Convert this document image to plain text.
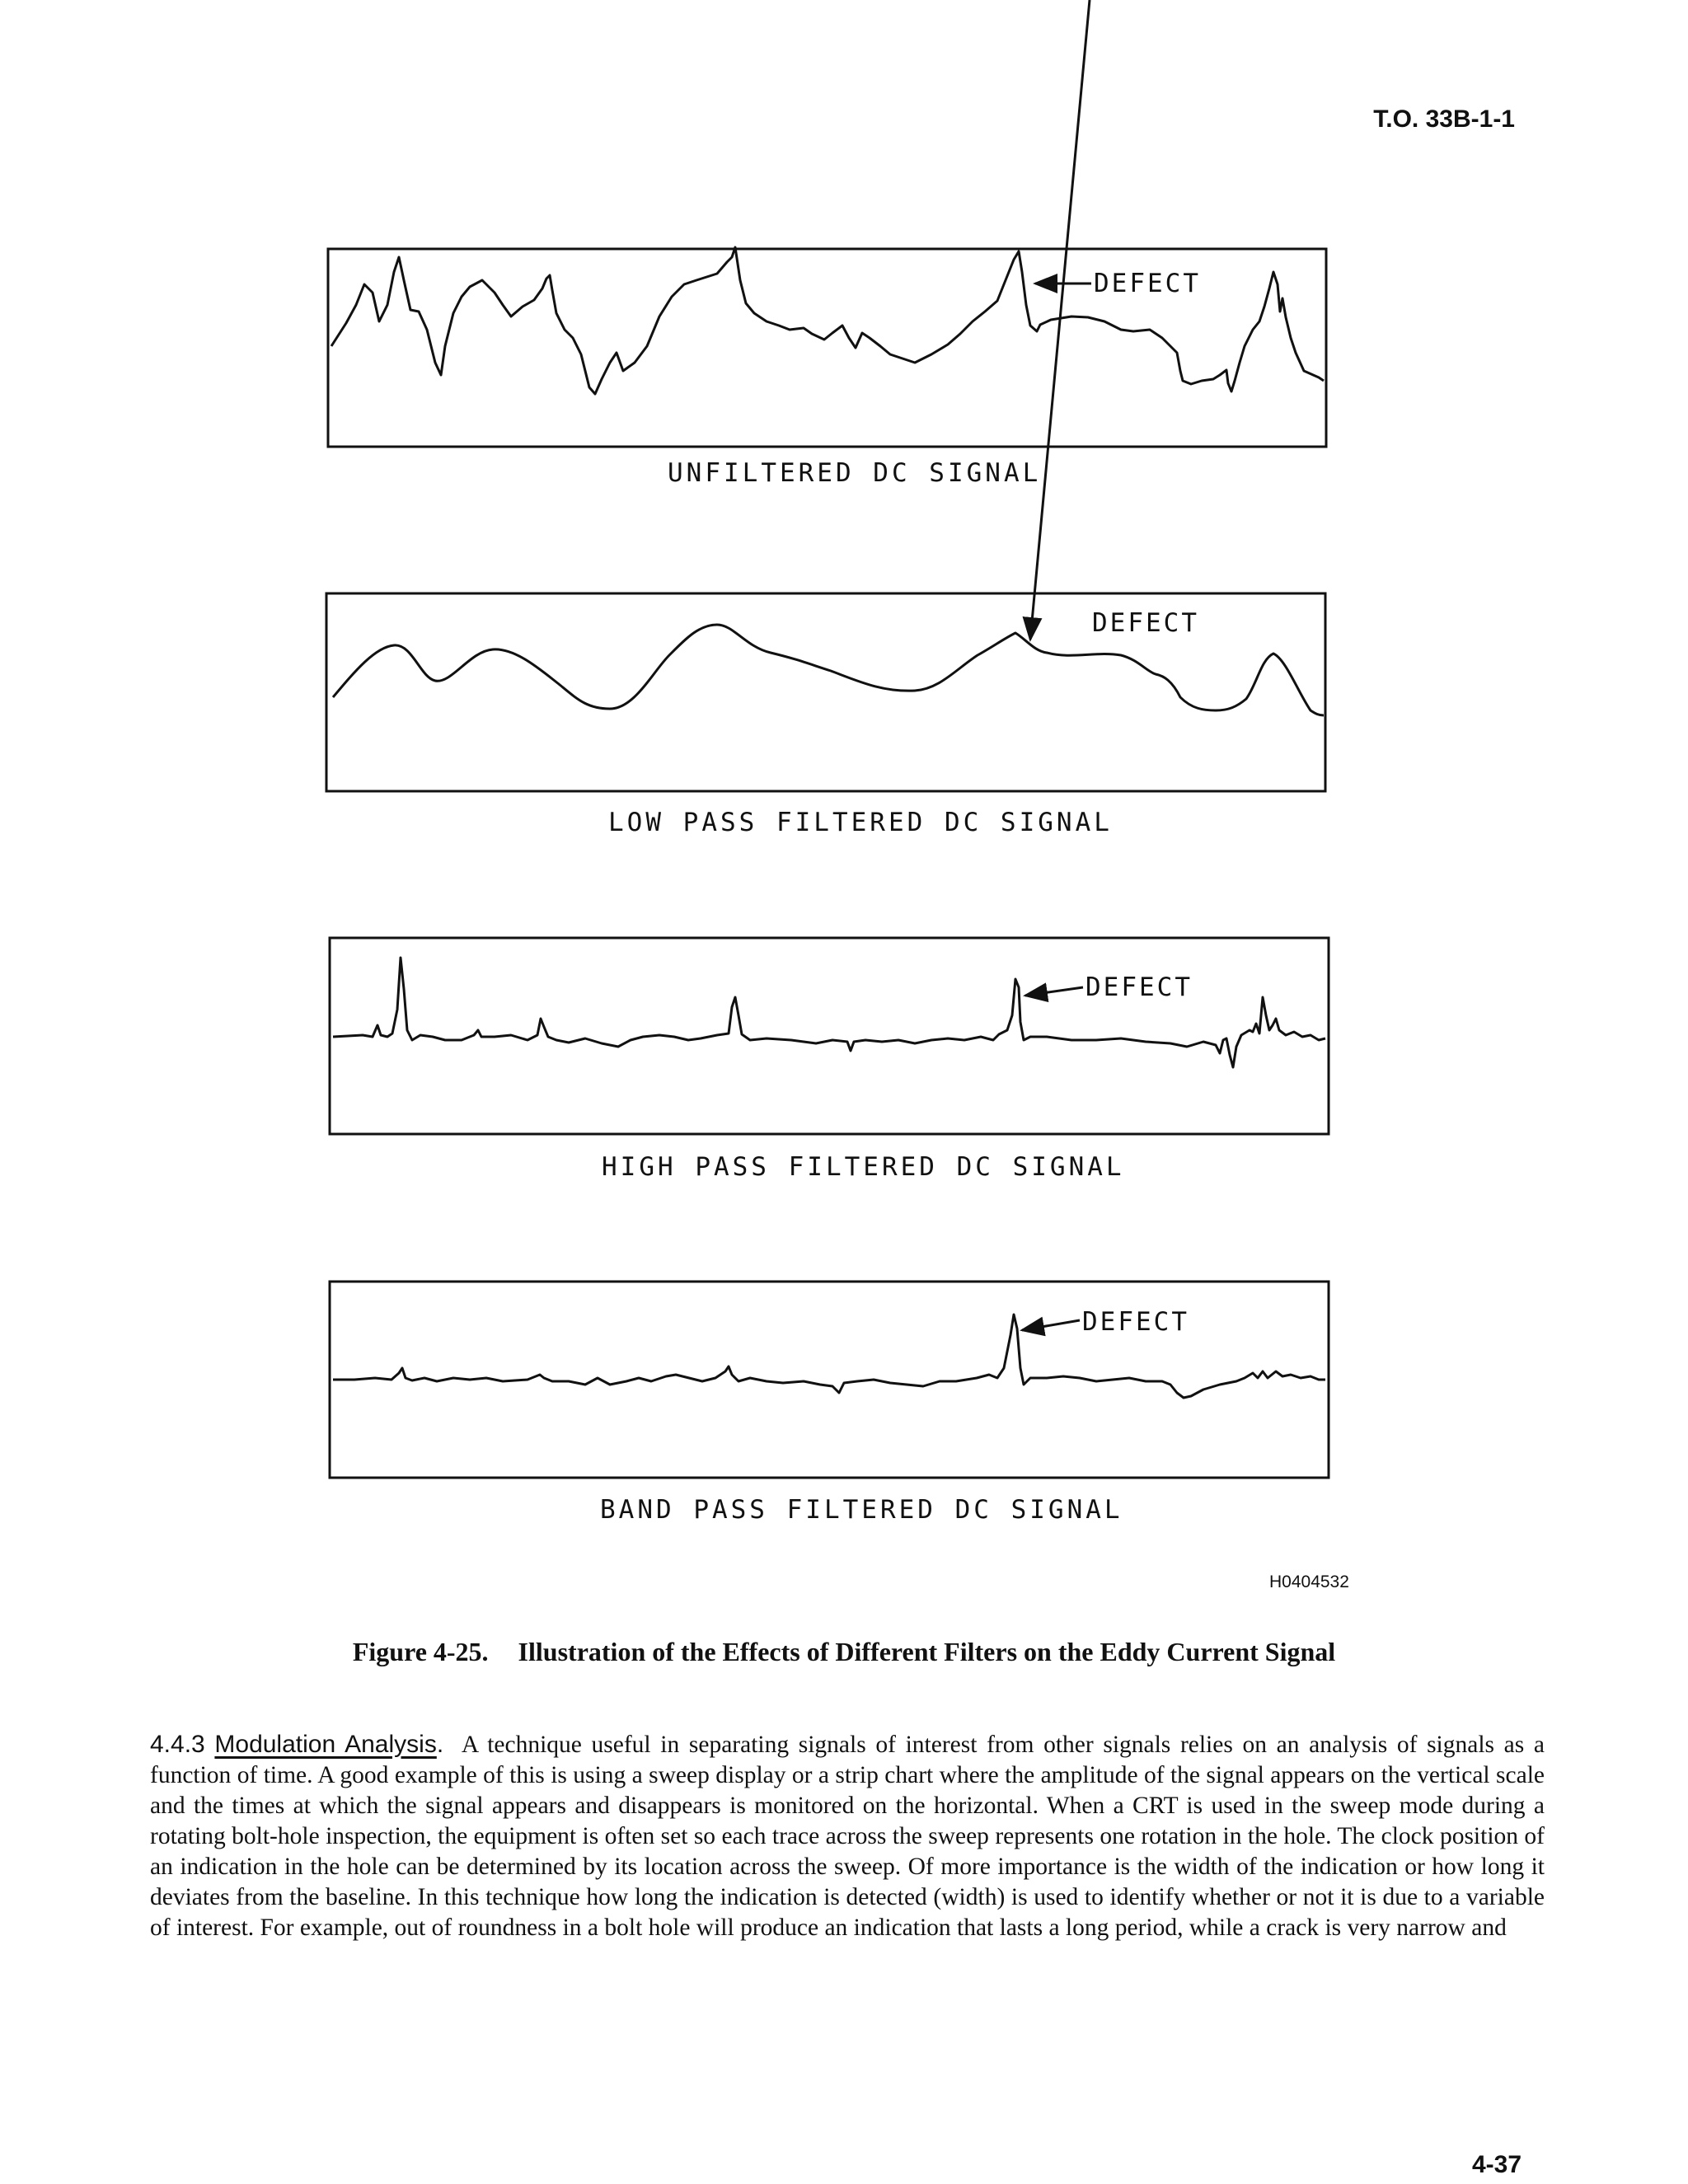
T.O. 33B-1-1
DEFECT
DEFECT
DEFECT
DEFECT
UNFILTERED DC SIGNAL
LOW PASS FILTERED DC SIGNAL
HIGH PASS FILTERED DC SIGNAL
BAND PASS FILTERED DC SIGNAL
H0404532
Figure 4-25. Illustration of the Effects of Different Filters on the Eddy Current Signal
4.4.3 Modulation Analysis. A technique useful in separating signals of interest from other signals relies on an analysis of signals as a function of time. A good example of this is using a sweep display or a strip chart where the amplitude of the signal appears on the vertical scale and the times at which the signal appears and disappears is monitored on the horizontal. When a CRT is used in the sweep mode during a rotating bolt-hole inspection, the equipment is often set so each trace across the sweep represents one rotation in the hole. The clock position of an indication in the hole can be determined by its location across the sweep. Of more importance is the width of the indication or how long it deviates from the baseline. In this technique how long the indication is detected (width) is used to identify whether or not it is due to a variable of interest. For example, out of roundness in a bolt hole will produce an indication that lasts a long period, while a crack is very narrow and
4-37
